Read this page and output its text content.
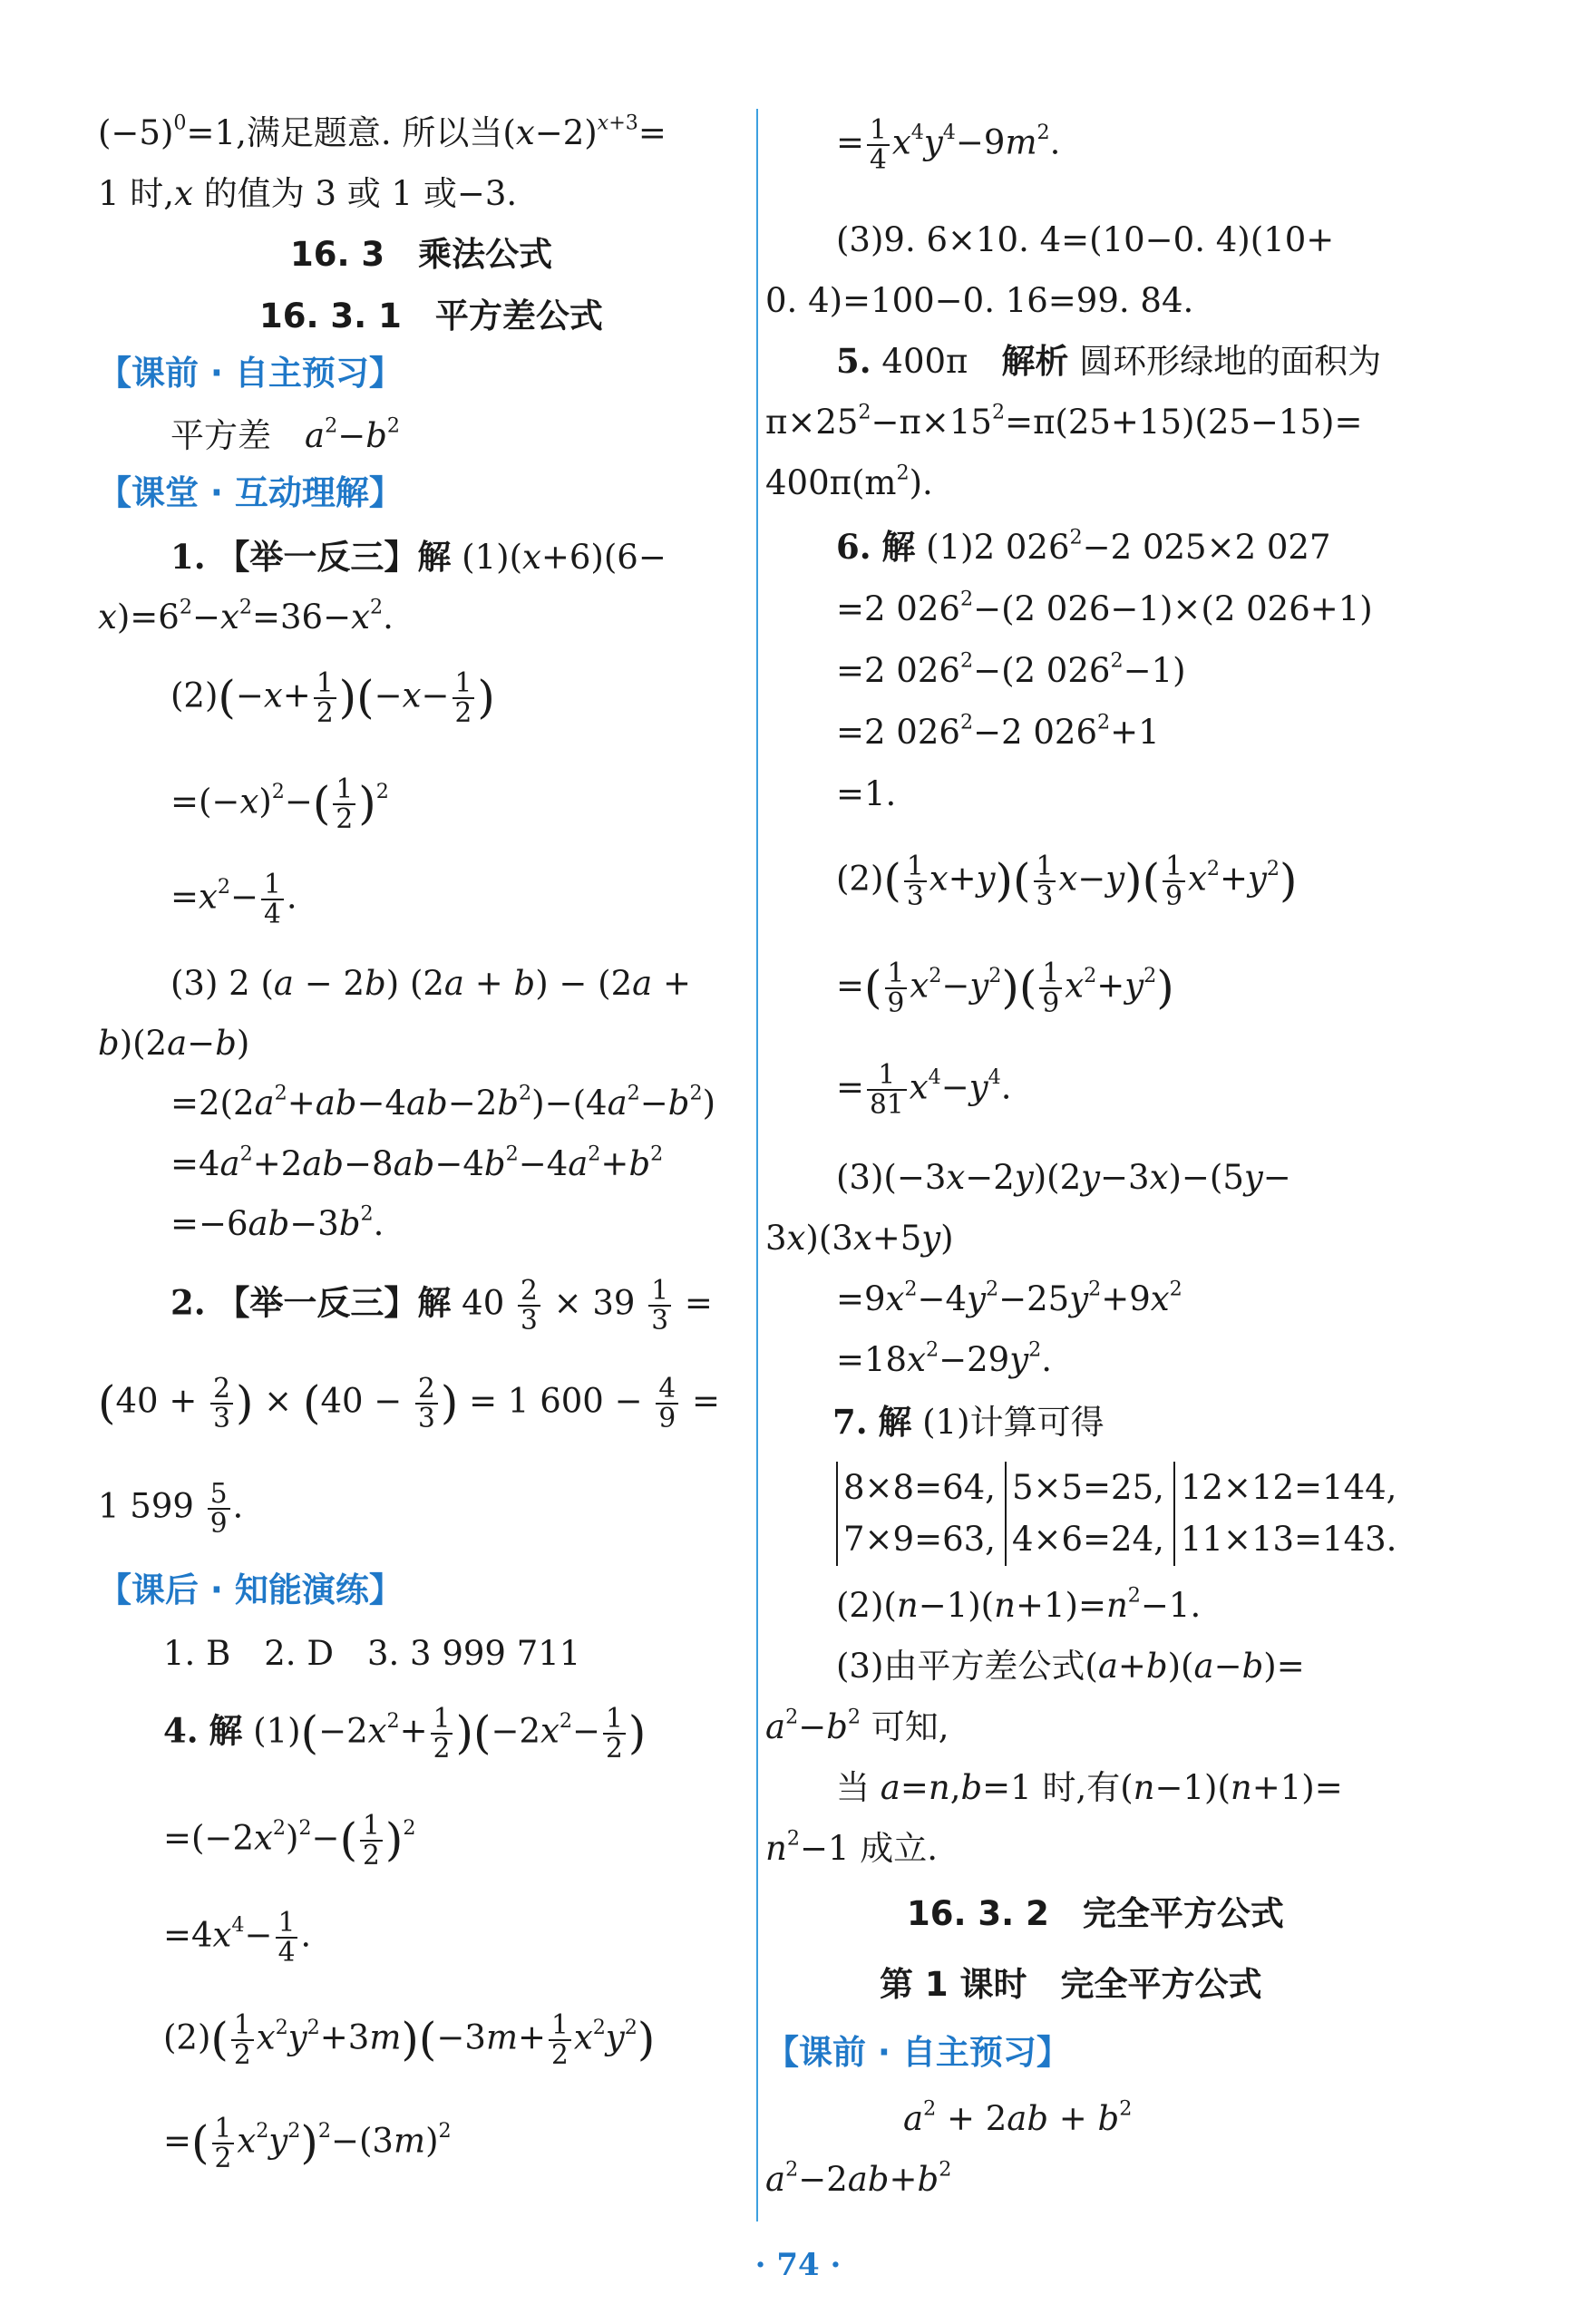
$(-5)^0=1$,满足题意. 所以当$(x-2)^{x+3}=$
1 时,x 的值为 3 或 1 或−3.
16. 3　乘法公式
16. 3. 1　平方差公式
【课前 · 自主预习】
平方差　 $a^2-b^2$
【课堂 · 互动理解】
1. 【举一反三】解 (1)(x+6)(6−
$x)=6^2-x^2=36-x^2$.
$(2)(-x+ \frac{1}{2} )(-x- \frac{1}{2}$ )
$=(-x)^2-( \frac{1}{2} )^2$
$=x^2- \frac{1}{4}$ .
(3) 2 (a − 2b) (2a + b) − (2a +
b)(2a−b)
$=2(2a^2+ab-4ab-2b^2)-(4a^2-b^2)$
$=4a^2+2ab-8ab-4b^2-4a^2+b^2$
$=-6ab-3b^2$.
2. 【举一反三】解 $40 \frac{2}{3} \times 39 \frac{1}{3}$ =
($40 + \frac{2}{3}$ ) × ($40 - \frac{2}{3}$ ) = 1 $600 - \frac{4}{9}$ =
1 $599 \frac{5}{9}$ .
【课后 · 知能演练】
1. B　2. D　3. 3 999 711
4. 解 $(1)(-2x^2+ \frac{1}{2} )(-2x^2- \frac{1}{2}$ )
$=(-2x^2)^2-( \frac{1}{2} )^2$
$=4x^4- \frac{1}{4}$ .
$(2)( \frac{1}{2} x^2y^2+3m)(-3m+ \frac{1}{2} x^2y^2)$
=( $\frac{1}{2} x^2y^2)^2-(3m)^2$
= $\frac{1}{4} x^4y^4-9m^2$.
(3)9. 6×10. 4=(10−0. 4)(10+
0. 4)=100−0. 16=99. 84.
5. 400π　解析 圆环形绿地的面积为
$\pi\times 25^2-\pi\times 15^2=\pi(25+15)(25-15)=$
$400\pi(m^2)$.
6. 解 (1)2 $026^2-2$ 025×2 027
=2 $026^2-(2$ 026−1)×(2 026+1)
=2 $026^2-(2$ $026^2-1$)
=2 $026^2-2$ $026^2+1$
=1.
$(2)( \frac{1}{3} x+y)( \frac{1}{3} x-y)( \frac{1}{9} x^2+y^2)$
=( $\frac{1}{9} x^2-y^2)( \frac{1}{9} x^2+y^2)$
= $\frac{1}{81} x^4-y^4$.
(3)(−3x−2y)(2y−3x)−(5y−
3x)(3x+5y)
$=9x^2-4y^2-25y^2+9x^2$
$=18x^2-29y^2$.
7. 解 (1)计算可得
8×8=64,
7×9=63,5×5=25,
4×6=24,12×12=144,
11×13=143.
$(2)(n-1)(n+1)=n^2-1$.
(3)由平方差公式(a+b)(a−b)=
$a^2-b^2$ 可知,
当 a=n,b=1 时,有(n−1)(n+1)=
$n^2-1$ 成立.
16. 3. 2　完全平方公式
第 1 课时　完全平方公式
【课前 · 自主预习】
　　$a^2 + 2ab + b^2$
$a^2-2ab+b^2$
· 74 ·
